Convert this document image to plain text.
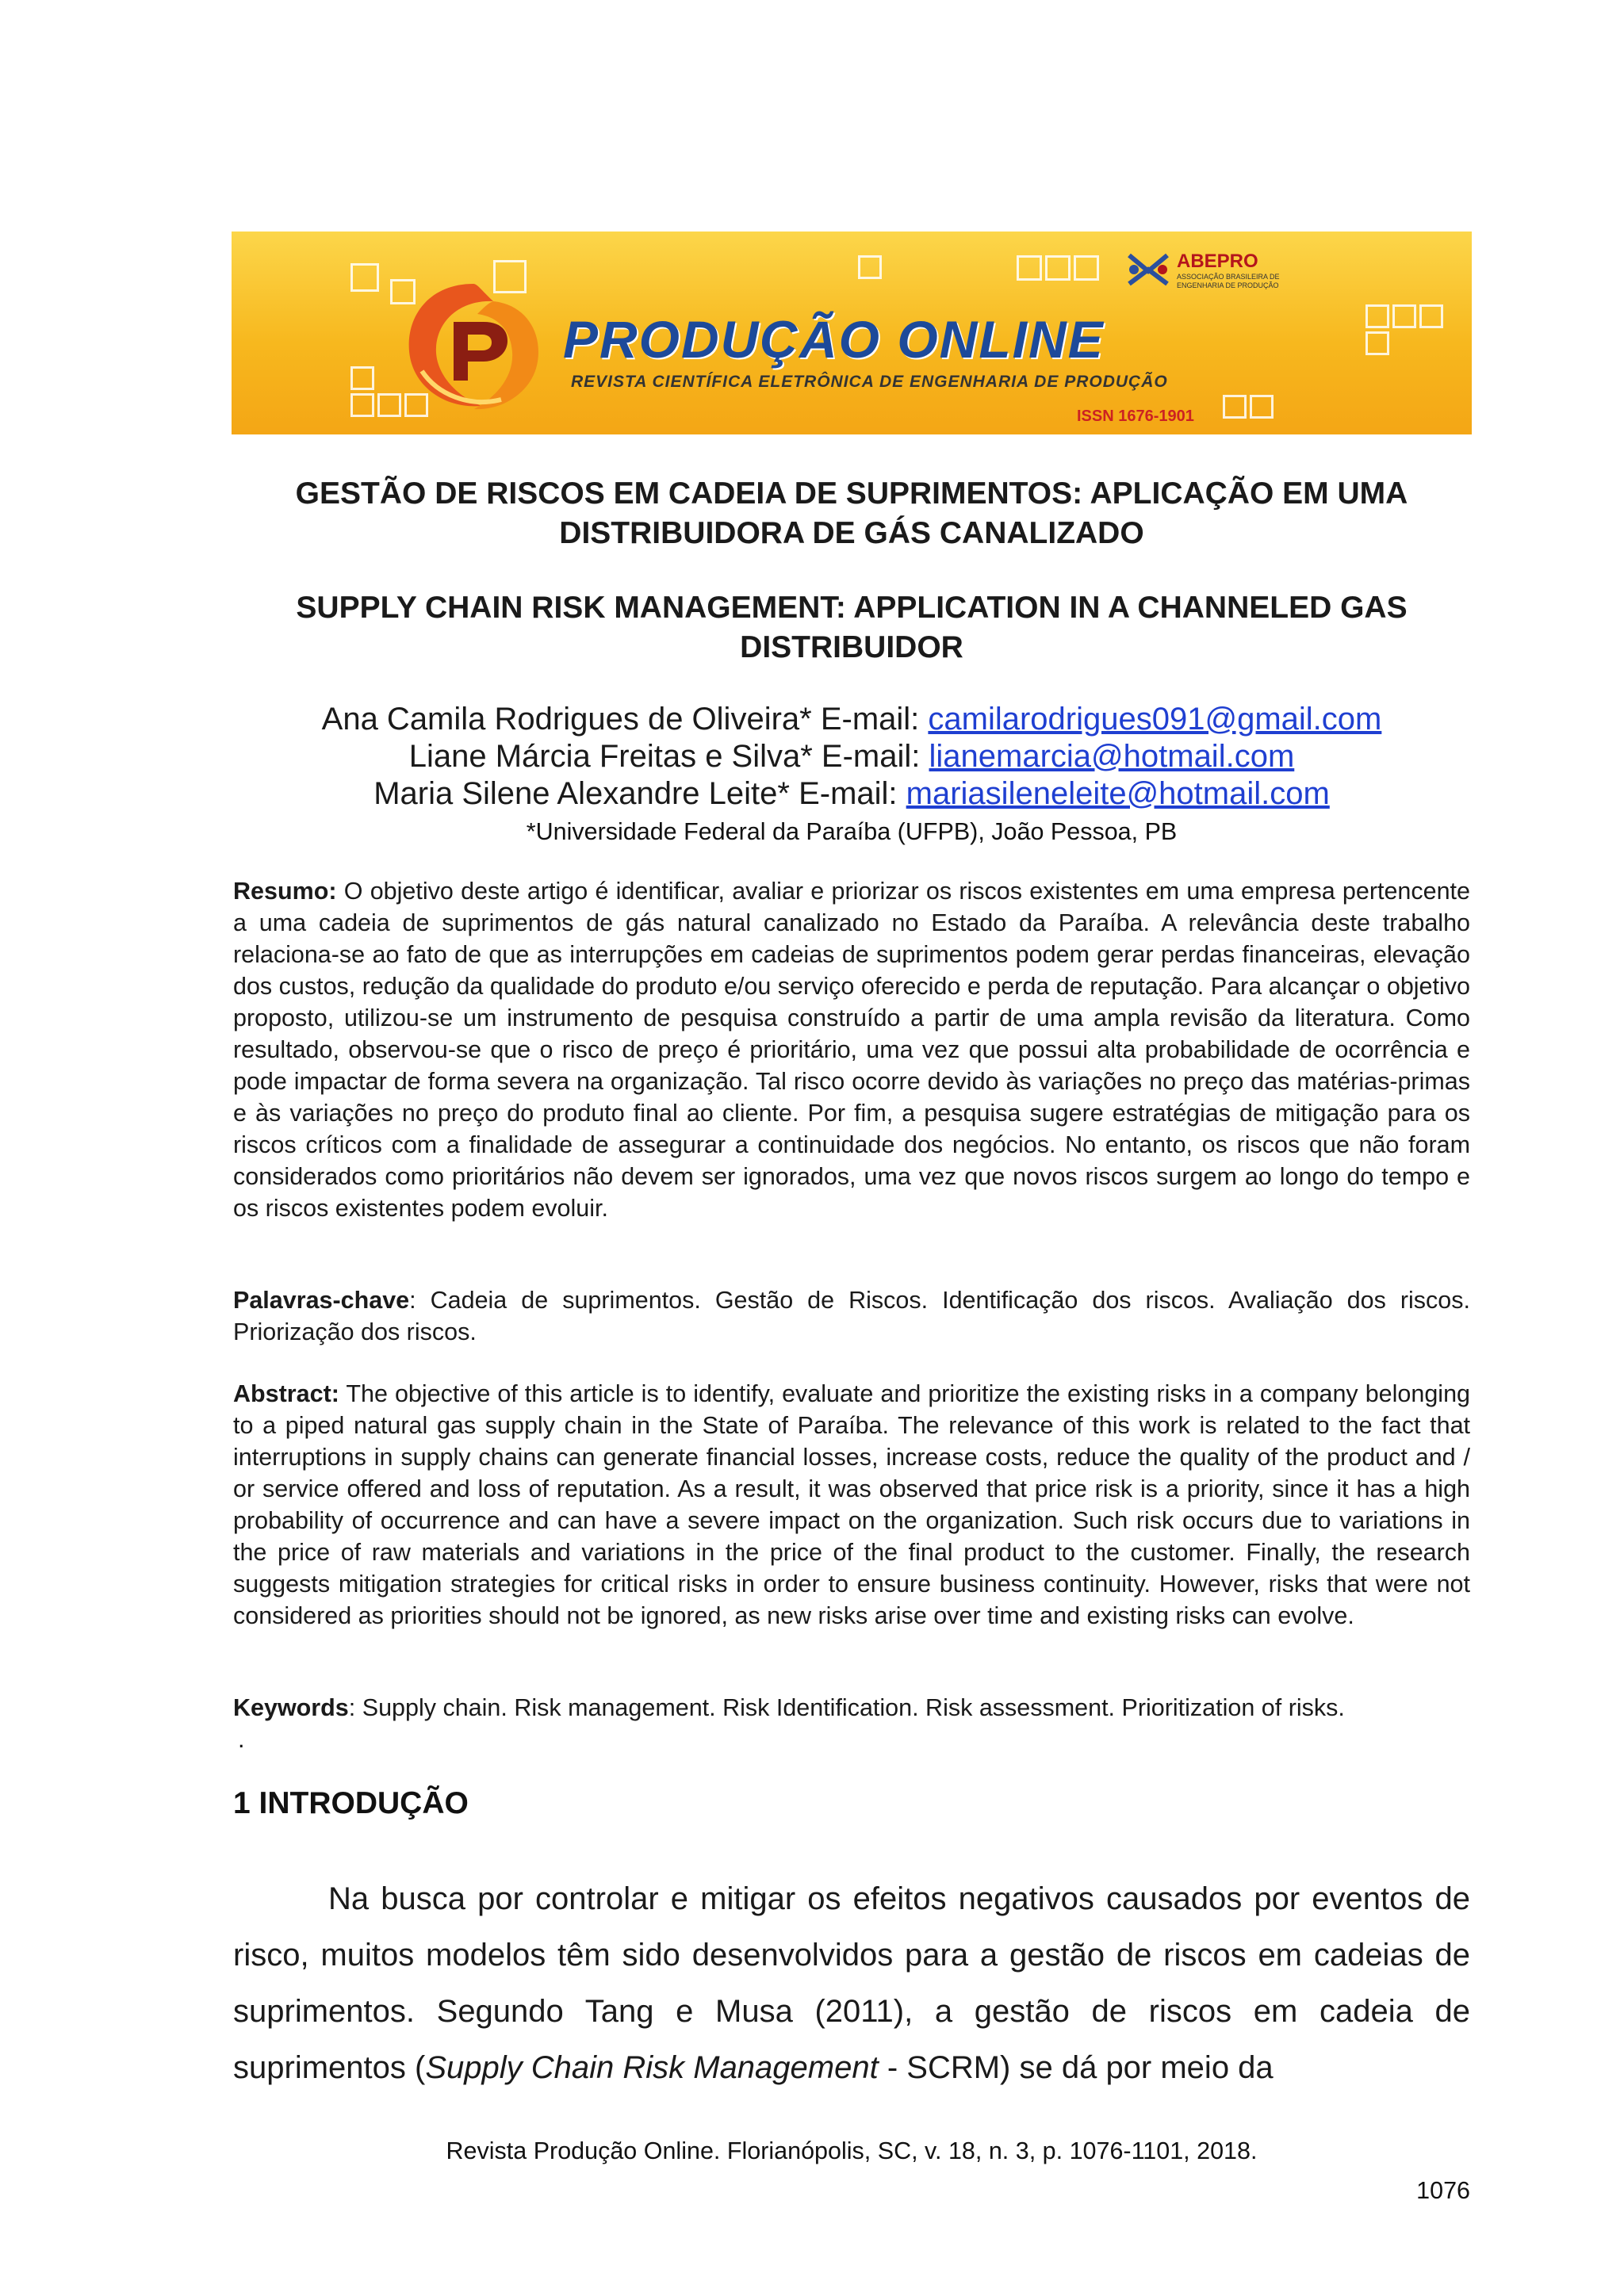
PRODUÇÃO ONLINE
REVISTA CIENTÍFICA ELETRÔNICA DE ENGENHARIA DE PRODUÇÃO
ISSN 1676-1901
ABEPRO
ASSOCIAÇÃO BRASILEIRA DE ENGENHARIA DE PRODUÇÃO
GESTÃO DE RISCOS EM CADEIA DE SUPRIMENTOS: APLICAÇÃO EM UMA
DISTRIBUIDORA DE GÁS CANALIZADO
SUPPLY CHAIN RISK MANAGEMENT: APPLICATION IN A CHANNELED GAS
DISTRIBUIDOR
Ana Camila Rodrigues de Oliveira* E-mail: camilarodrigues091@gmail.com
Liane Márcia Freitas e Silva* E-mail: lianemarcia@hotmail.com
Maria Silene Alexandre Leite* E-mail: mariasileneleite@hotmail.com
*Universidade Federal da Paraíba (UFPB), João Pessoa, PB
Resumo: O objetivo deste artigo é identificar, avaliar e priorizar os riscos existentes em uma empresa pertencente a uma cadeia de suprimentos de gás natural canalizado no Estado da Paraíba. A relevância deste trabalho relaciona-se ao fato de que as interrupções em cadeias de suprimentos podem gerar perdas financeiras, elevação dos custos, redução da qualidade do produto e/ou serviço oferecido e perda de reputação. Para alcançar o objetivo proposto, utilizou-se um instrumento de pesquisa construído a partir de uma ampla revisão da literatura. Como resultado, observou-se que o risco de preço é prioritário, uma vez que possui alta probabilidade de ocorrência e pode impactar de forma severa na organização. Tal risco ocorre devido às variações no preço das matérias-primas e às variações no preço do produto final ao cliente. Por fim, a pesquisa sugere estratégias de mitigação para os riscos críticos com a finalidade de assegurar a continuidade dos negócios. No entanto, os riscos que não foram considerados como prioritários não devem ser ignorados, uma vez que novos riscos surgem ao longo do tempo e os riscos existentes podem evoluir.
Palavras-chave: Cadeia de suprimentos. Gestão de Riscos. Identificação dos riscos. Avaliação dos riscos. Priorização dos riscos.
Abstract: The objective of this article is to identify, evaluate and prioritize the existing risks in a company belonging to a piped natural gas supply chain in the State of Paraíba. The relevance of this work is related to the fact that interruptions in supply chains can generate financial losses, increase costs, reduce the quality of the product and / or service offered and loss of reputation. As a result, it was observed that price risk is a priority, since it has a high probability of occurrence and can have a severe impact on the organization. Such risk occurs due to variations in the price of raw materials and variations in the price of the final product to the customer. Finally, the research suggests mitigation strategies for critical risks in order to ensure business continuity. However, risks that were not considered as priorities should not be ignored, as new risks arise over time and existing risks can evolve.
Keywords: Supply chain. Risk management. Risk Identification. Risk assessment. Prioritization of risks.
.
1 INTRODUÇÃO
Na busca por controlar e mitigar os efeitos negativos causados por eventos de risco, muitos modelos têm sido desenvolvidos para a gestão de riscos em cadeias de suprimentos. Segundo Tang e Musa (2011), a gestão de riscos em cadeia de suprimentos (Supply Chain Risk Management - SCRM) se dá por meio da
Revista Produção Online. Florianópolis, SC, v. 18, n. 3, p. 1076-1101, 2018.
1076
